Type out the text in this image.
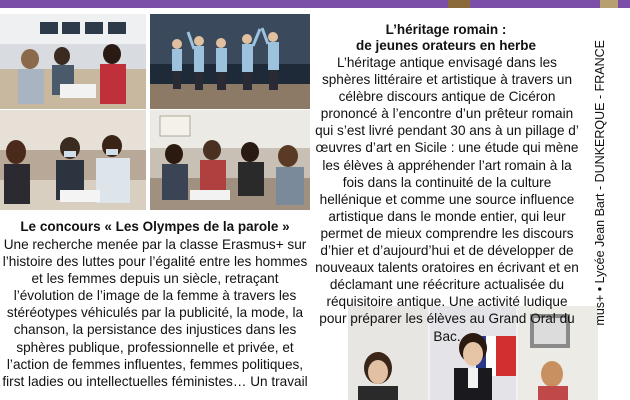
L’héritage romain :
de jeunes orateurs en herbe
L’héritage antique envisagé dans les sphères littéraire et artistique à travers un célèbre discours antique de Cicéron prononcé à l’encontre d’un prêteur romain qui s’est livré pendant 30 ans à un pillage d’ œuvres d’art en Sicile : une étude qui mène les élèves à appréhender l’art romain à la fois dans la continuité de la culture hellénique et comme une source influence artistique dans le monde entier, qui leur permet de mieux comprendre les discours d’hier et d’aujourd’hui et de développer de nouveaux talents oratoires en écrivant et en déclamant une réécriture actualisée du réquisitoire antique. Une activité ludique pour préparer les élèves au Grand Oral du Bac.
Le concours « Les Olympes de la parole »
Une recherche menée par la classe Erasmus+ sur l’histoire des luttes pour l’égalité entre les hommes et les femmes depuis un siècle, retraçant l’évolution de l’image de la femme à travers les stéréotypes véhiculés par la publicité, la mode, la chanson, la persistance des injustices dans les sphères publique, professionnelle et privée, et l’action de femmes influentes, femmes politiques, first ladies ou intellectuelles féministes… Un travail
mus+ • Lycée Jean Bart - DUNKERQUE - FRANCE
